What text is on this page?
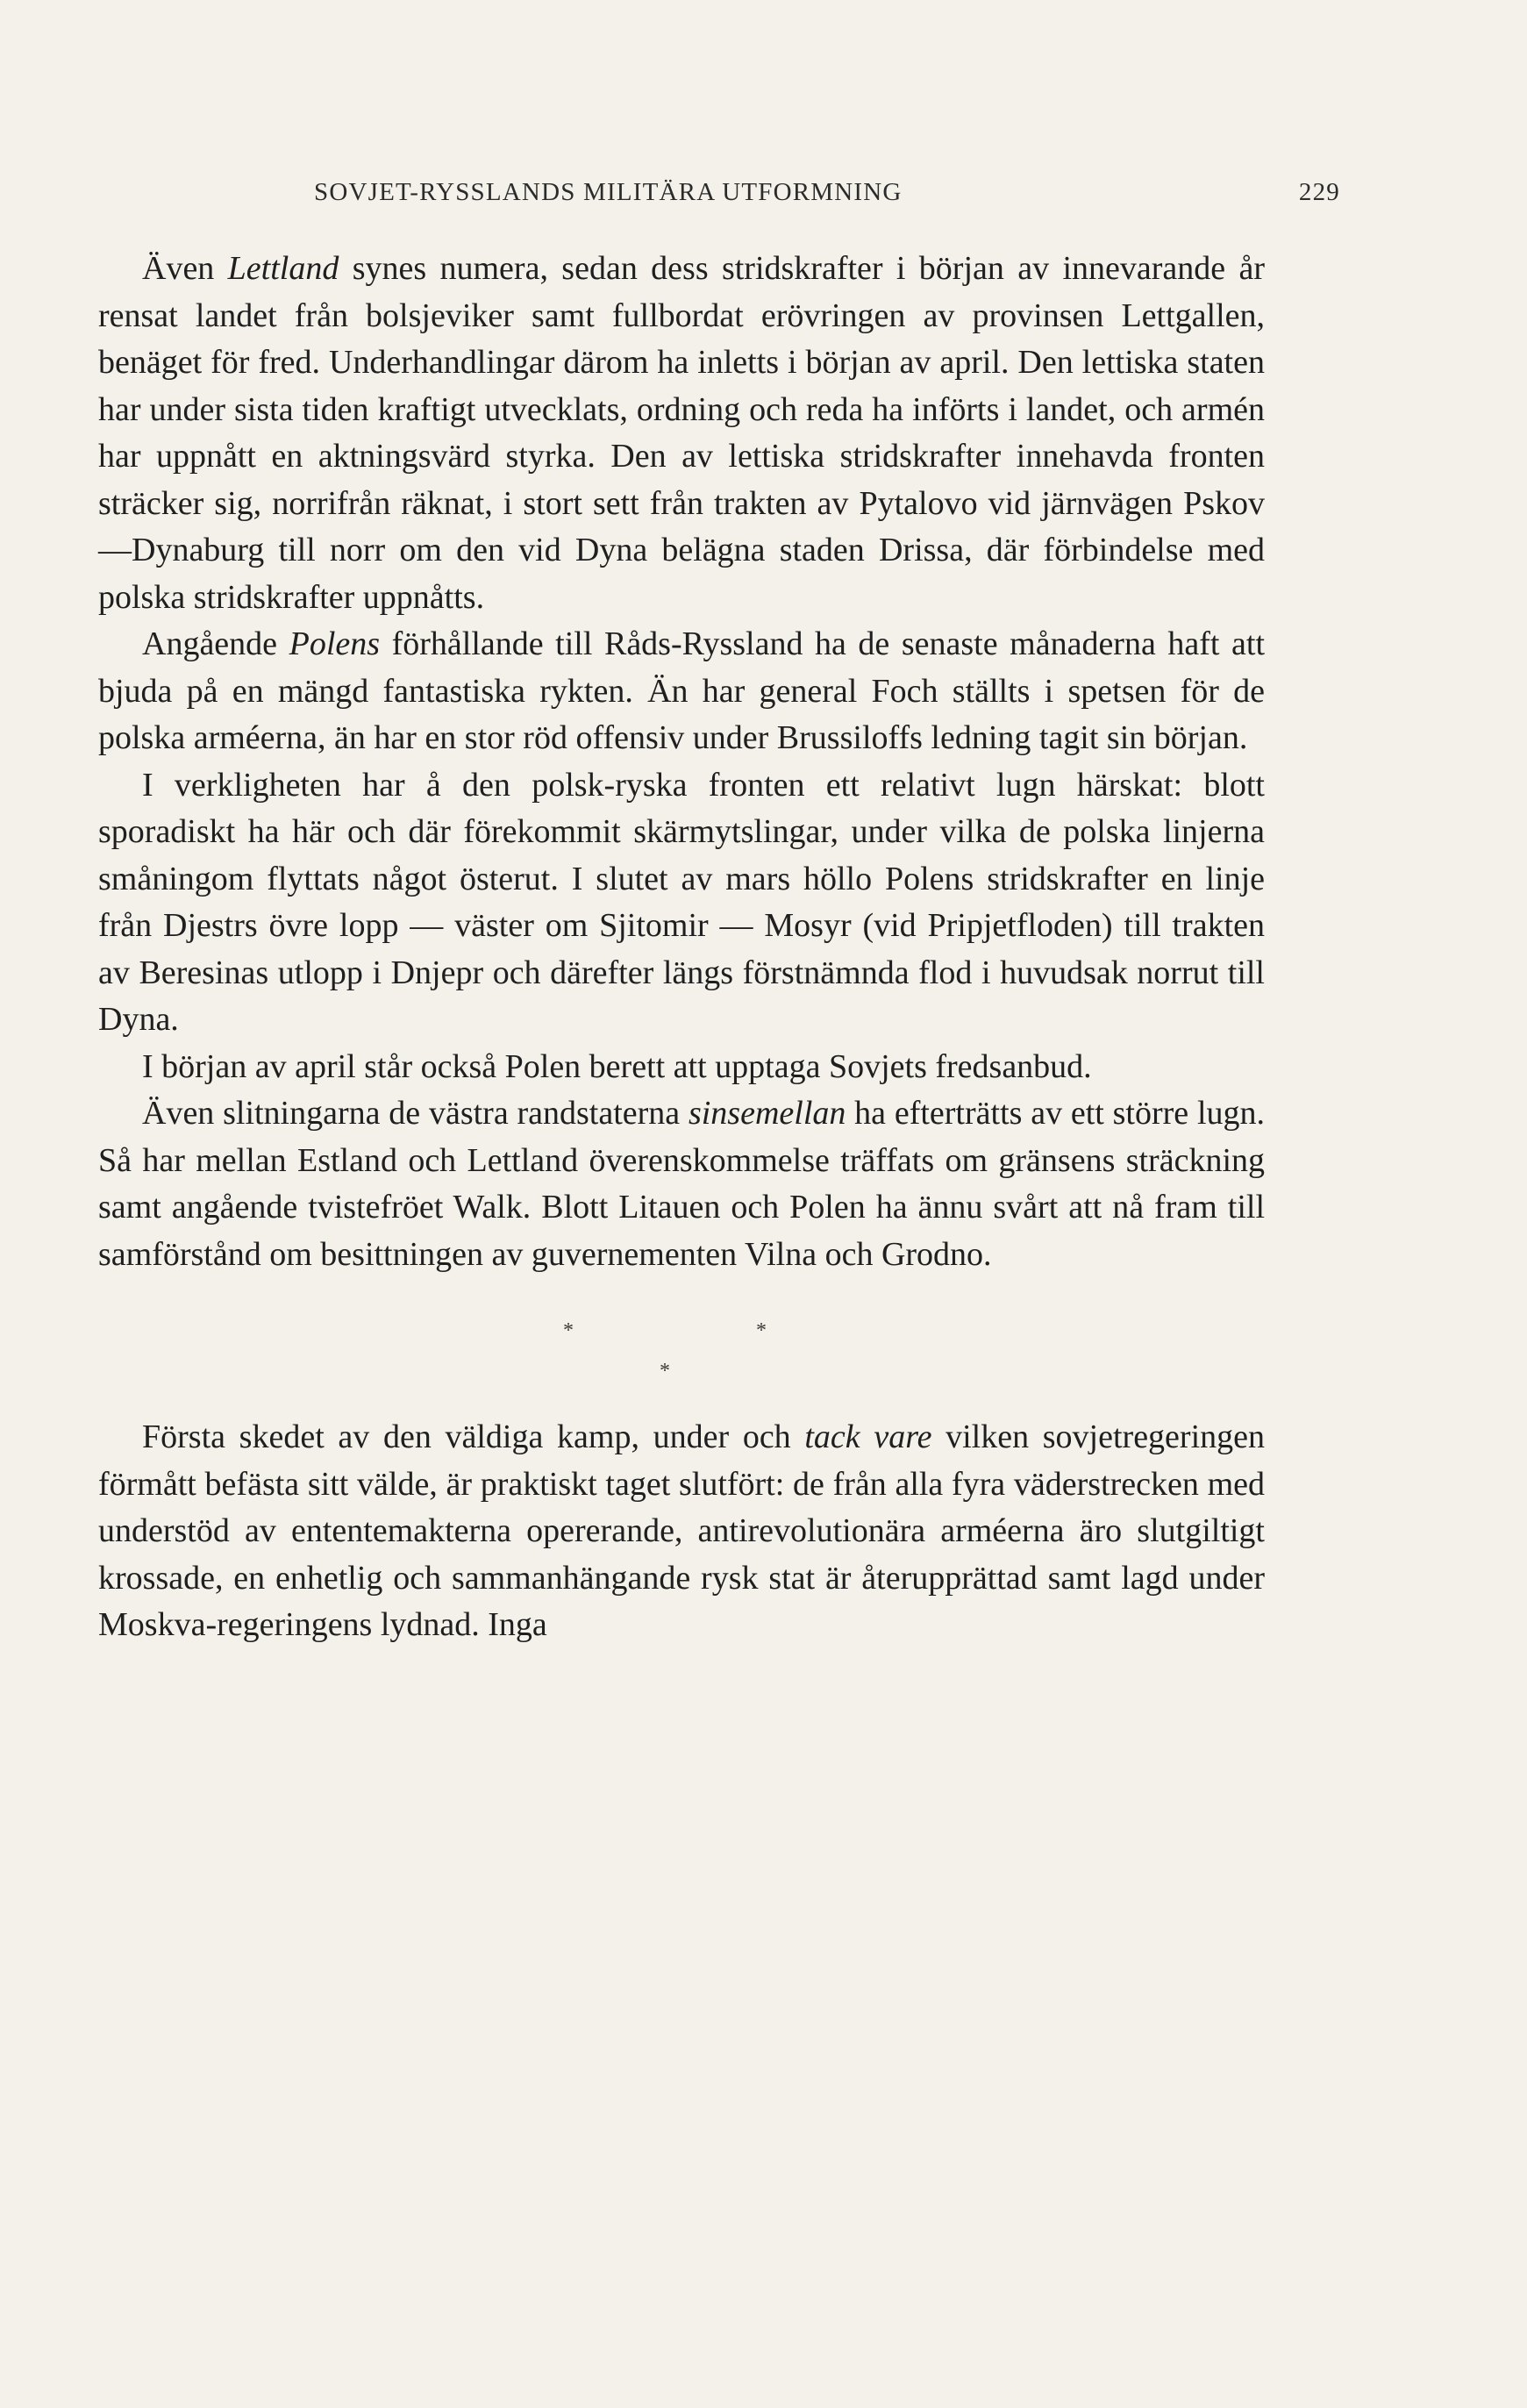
SOVJET-RYSSLANDS MILITÄRA UTFORMNING	229

Även Lettland synes numera, sedan dess stridskrafter i början av innevarande år rensat landet från bolsjeviker samt fullbordat erövringen av provinsen Lettgallen, benäget för fred. Underhandlingar därom ha inletts i början av april. Den lettiska staten har under sista tiden kraftigt utvecklats, ordning och reda ha införts i landet, och armén har uppnått en aktningsvärd styrka. Den av lettiska stridskrafter innehavda fronten sträcker sig, norrifrån räknat, i stort sett från trakten av Pytalovo vid järnvägen Pskov—Dynaburg till norr om den vid Dyna belägna staden Drissa, där förbindelse med polska stridskrafter uppnåtts.

Angående Polens förhållande till Råds-Ryssland ha de senaste månaderna haft att bjuda på en mängd fantastiska rykten. Än har general Foch ställts i spetsen för de polska arméerna, än har en stor röd offensiv under Brussiloffs ledning tagit sin början.

I verkligheten har å den polsk-ryska fronten ett relativt lugn härskat: blott sporadiskt ha här och där förekommit skärmytslingar, under vilka de polska linjerna småningom flyttats något österut. I slutet av mars höllo Polens stridskrafter en linje från Djestrs övre lopp — väster om Sjitomir — Mosyr (vid Pripjetfloden) till trakten av Beresinas utlopp i Dnjepr och därefter längs förstnämnda flod i huvudsak norrut till Dyna.

I början av april står också Polen berett att upptaga Sovjets fredsanbud.

Även slitningarna de västra randstaterna sinsemellan ha efterträtts av ett större lugn. Så har mellan Estland och Lettland överenskommelse träffats om gränsens sträckning samt angående tvistefröet Walk. Blott Litauen och Polen ha ännu svårt att nå fram till samförstånd om besittningen av guvernementen Vilna och Grodno.

*	*
*

Första skedet av den väldiga kamp, under och tack vare vilken sovjetregeringen förmått befästa sitt välde, är praktiskt taget slutfört: de från alla fyra väderstrecken med understöd av ententemakterna opererande, antirevolutionära arméerna äro slutgiltigt krossade, en enhetlig och sammanhängande rysk stat är återupprättad samt lagd under Moskva-regeringens lydnad. Inga
